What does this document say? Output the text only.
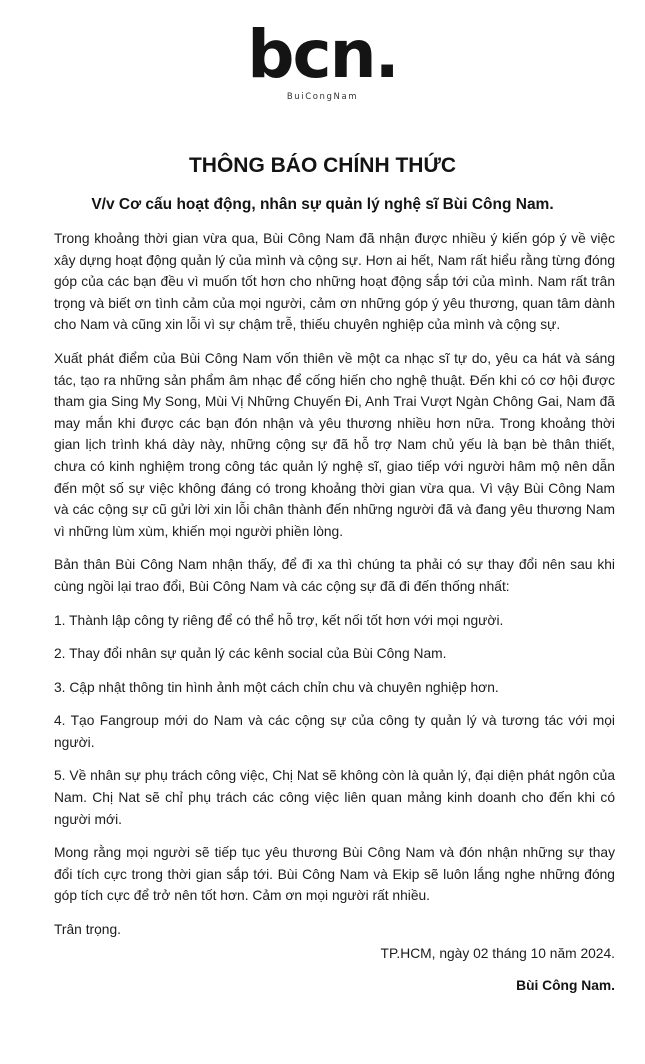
bcn.
BuiCongNam
THÔNG BÁO CHÍNH THỨC
V/v Cơ cấu hoạt động, nhân sự quản lý nghệ sĩ Bùi Công Nam.

Trong khoảng thời gian vừa qua, Bùi Công Nam đã nhận được nhiều ý kiến góp ý về việc xây dựng hoạt động quản lý của mình và cộng sự. Hơn ai hết, Nam rất hiểu rằng từng đóng góp của các bạn đều vì muốn tốt hơn cho những hoạt động sắp tới của mình. Nam rất trân trọng và biết ơn tình cảm của mọi người, cảm ơn những góp ý yêu thương, quan tâm dành cho Nam và cũng xin lỗi vì sự chậm trễ, thiếu chuyên nghiệp của mình và cộng sự.

Xuất phát điểm của Bùi Công Nam vốn thiên về một ca nhạc sĩ tự do, yêu ca hát và sáng tác, tạo ra những sản phẩm âm nhạc để cống hiến cho nghệ thuật. Đến khi có cơ hội được tham gia Sing My Song, Mùi Vị Những Chuyến Đi, Anh Trai Vượt Ngàn Chông Gai, Nam đã may mắn khi được các bạn đón nhận và yêu thương nhiều hơn nữa. Trong khoảng thời gian lịch trình khá dày này, những cộng sự đã hỗ trợ Nam chủ yếu là bạn bè thân thiết, chưa có kinh nghiệm trong công tác quản lý nghệ sĩ, giao tiếp với người hâm mộ nên dẫn đến một số sự việc không đáng có trong khoảng thời gian vừa qua. Vì vậy Bùi Công Nam và các cộng sự cũ gửi lời xin lỗi chân thành đến những người đã và đang yêu thương Nam vì những lùm xùm, khiến mọi người phiền lòng.

Bản thân Bùi Công Nam nhận thấy, để đi xa thì chúng ta phải có sự thay đổi nên sau khi cùng ngồi lại trao đổi, Bùi Công Nam và các cộng sự đã đi đến thống nhất:

1. Thành lập công ty riêng để có thể hỗ trợ, kết nối tốt hơn với mọi người.

2. Thay đổi nhân sự quản lý các kênh social của Bùi Công Nam.

3. Cập nhật thông tin hình ảnh một cách chỉn chu và chuyên nghiệp hơn.

4. Tạo Fangroup mới do Nam và các cộng sự của công ty quản lý và tương tác với mọi người.

5. Về nhân sự phụ trách công việc, Chị Nat sẽ không còn là quản lý, đại diện phát ngôn của Nam. Chị Nat sẽ chỉ phụ trách các công việc liên quan mảng kinh doanh cho đến khi có người mới.

Mong rằng mọi người sẽ tiếp tục yêu thương Bùi Công Nam và đón nhận những sự thay đổi tích cực trong thời gian sắp tới. Bùi Công Nam và Ekip sẽ luôn lắng nghe những đóng góp tích cực để trở nên tốt hơn. Cảm ơn mọi người rất nhiều.

Trân trọng.

TP.HCM, ngày 02 tháng 10 năm 2024.
Bùi Công Nam.
